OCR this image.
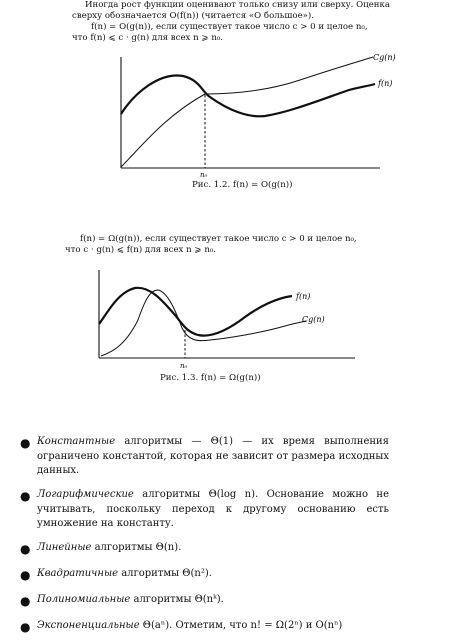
Иногда рост функции оценивают только снизу или сверху. Оценка
сверху обозначается O(f(n)) (читается «O большое»).
f(n) = O(g(n)), если существует такое число c > 0 и целое n₀,
что f(n) ⩽ c · g(n) для всех n ⩾ n₀.
Cg(n)
f(n)
n₀
Рис. 1.2. f(n) = O(g(n))
f(n) = Ω(g(n)), если существует такое число c > 0 и целое n₀,
что c · g(n) ⩽ f(n) для всех n ⩾ n₀.
f(n)
Cg(n)
n₀
Рис. 1.3. f(n) = Ω(g(n))
● Константные алгоритмы — Θ(1) — их время выполнения ограничено константой, которая не зависит от размера исходных данных.
● Логарифмические алгоритмы Θ(log n). Основание можно не учитывать, поскольку переход к другому основанию есть умножение на константу.
● Линейные алгоритмы Θ(n).
● Квадратичные алгоритмы Θ(n²).
● Полиномиальные алгоритмы Θ(nᵏ).
● Экспоненциальные Θ(aⁿ). Отметим, что n! = Ω(2ⁿ) и O(nⁿ)
